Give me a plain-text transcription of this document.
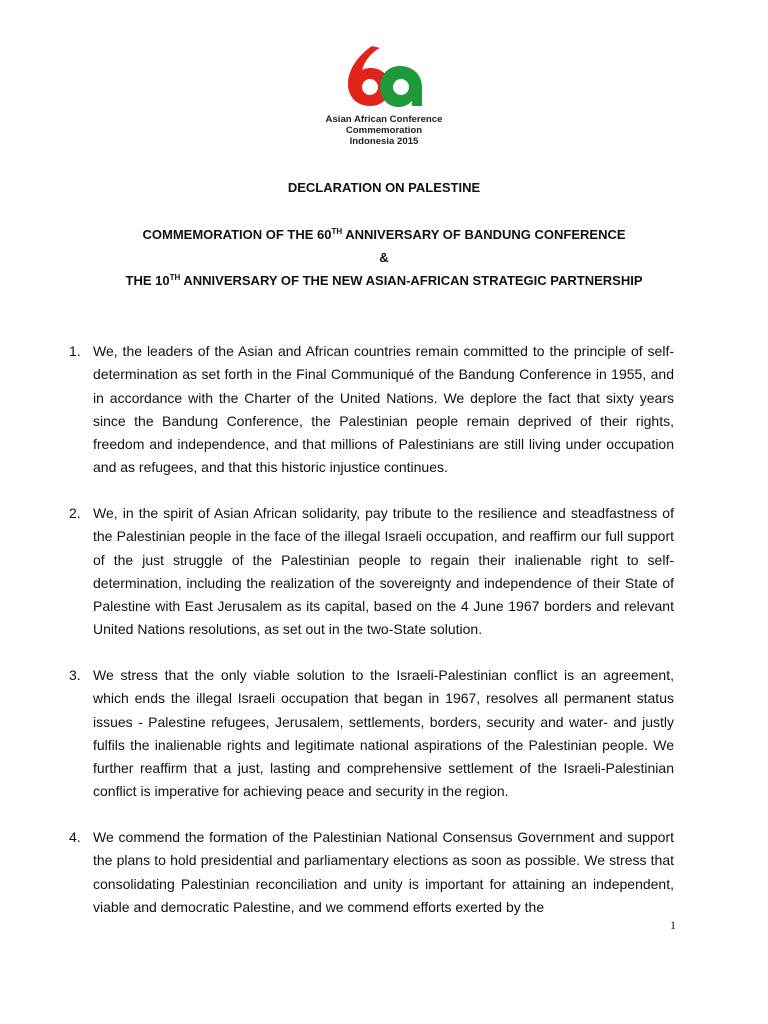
Asian African Conference
Commemoration
Indonesia 2015
DECLARATION ON PALESTINE
COMMEMORATION OF THE 60TH ANNIVERSARY OF BANDUNG CONFERENCE
&
THE 10TH ANNIVERSARY OF THE NEW ASIAN-AFRICAN STRATEGIC PARTNERSHIP
1. We, the leaders of the Asian and African countries remain committed to the principle of self-determination as set forth in the Final Communiqué of the Bandung Conference in 1955, and in accordance with the Charter of the United Nations. We deplore the fact that sixty years since the Bandung Conference, the Palestinian people remain deprived of their rights, freedom and independence, and that millions of Palestinians are still living under occupation and as refugees, and that this historic injustice continues.
2. We, in the spirit of Asian African solidarity, pay tribute to the resilience and steadfastness of the Palestinian people in the face of the illegal Israeli occupation, and reaffirm our full support of the just struggle of the Palestinian people to regain their inalienable right to self-determination, including the realization of the sovereignty and independence of their State of Palestine with East Jerusalem as its capital, based on the 4 June 1967 borders and relevant United Nations resolutions, as set out in the two-State solution.
3. We stress that the only viable solution to the Israeli-Palestinian conflict is an agreement, which ends the illegal Israeli occupation that began in 1967, resolves all permanent status issues - Palestine refugees, Jerusalem, settlements, borders, security and water- and justly fulfils the inalienable rights and legitimate national aspirations of the Palestinian people. We further reaffirm that a just, lasting and comprehensive settlement of the Israeli-Palestinian conflict is imperative for achieving peace and security in the region.
4. We commend the formation of the Palestinian National Consensus Government and support the plans to hold presidential and parliamentary elections as soon as possible. We stress that consolidating Palestinian reconciliation and unity is important for attaining an independent, viable and democratic Palestine, and we commend efforts exerted by the
1
